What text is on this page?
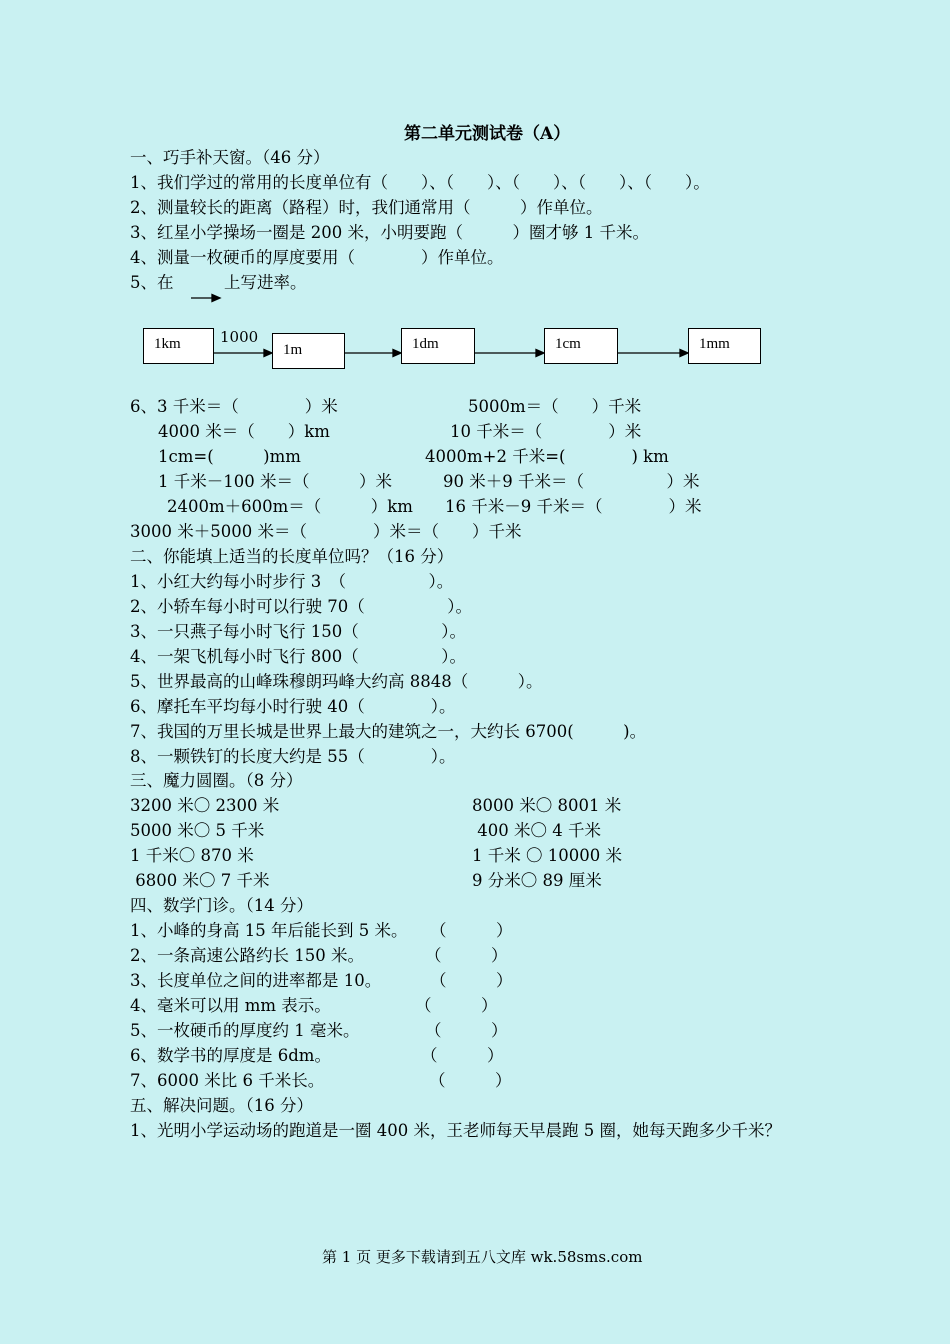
第二单元测试卷（A）
一、巧手补天窗。（46 分）
1、我们学过的常用的长度单位有（　　）、（　　）、（　　）、（　　）、（　　）。
2、测量较长的距离（路程）时，我们通常用（　　　）作单位。
3、红星小学操场一圈是 200 米，小明要跑（　　　）圈才够 1 千米。
4、测量一枚硬币的厚度要用（　　　　）作单位。
5、在	上写进率。
1km	1000
1m	1dm	1cm	1mm
6、3 千米＝（　　　　）米	5000m＝（　　）千米
4000 米＝（　　）km	10 千米＝（　　　　）米
1cm=(　　　)mm	4000m+2 千米=(　　　　) km
1 千米－100 米＝（　　　）米	90 米＋9 千米＝（　　　　　）米
2400m＋600m＝（　　　）km 16 千米－9 千米＝（　　　　）米
3000 米＋5000 米＝（　　　　）米＝（　　）千米
二、你能填上适当的长度单位吗？（16 分）
1、小红大约每小时步行 3　（　　　　　）。
2、小轿车每小时可以行驶 70（　　　　　）。
3、一只燕子每小时飞行 150（　　　　　）。
4、一架飞机每小时飞行 800（　　　　　）。
5、世界最高的山峰珠穆朗玛峰大约高 8848（　　　）。
6、摩托车平均每小时行驶 40（　　　　）。
7、我国的万里长城是世界上最大的建筑之一，大约长 6700(　　　)。
8、一颗铁钉的长度大约是 55（　　　　）。
三、魔力圆圈。（8 分）
3200 米〇 2300 米	8000 米〇 8001 米
5000 米〇 5 千米	400 米〇 4 千米
1 千米〇 870 米	1 千米 〇 10000 米
6800 米〇 7 千米	9 分米〇 89 厘米
四、数学门诊。（14 分）
1、小峰的身高 15 年后能长到 5 米。 （　　　）
2、一条高速公路约长 150 米。	（　　　）
3、长度单位之间的进率都是 10。	（　　　）
4、毫米可以用 mm 表示。	（　　　）
5、一枚硬币的厚度约 1 毫米。	（　　　）
6、数学书的厚度是 6dm。	（　　　）
7、6000 米比 6 千米长。	（　　　）
五、解决问题。（16 分）
1、光明小学运动场的跑道是一圈 400 米，王老师每天早晨跑 5 圈，她每天跑多少千米？
第 1 页 更多下载请到五八文库 wk.58sms.com
